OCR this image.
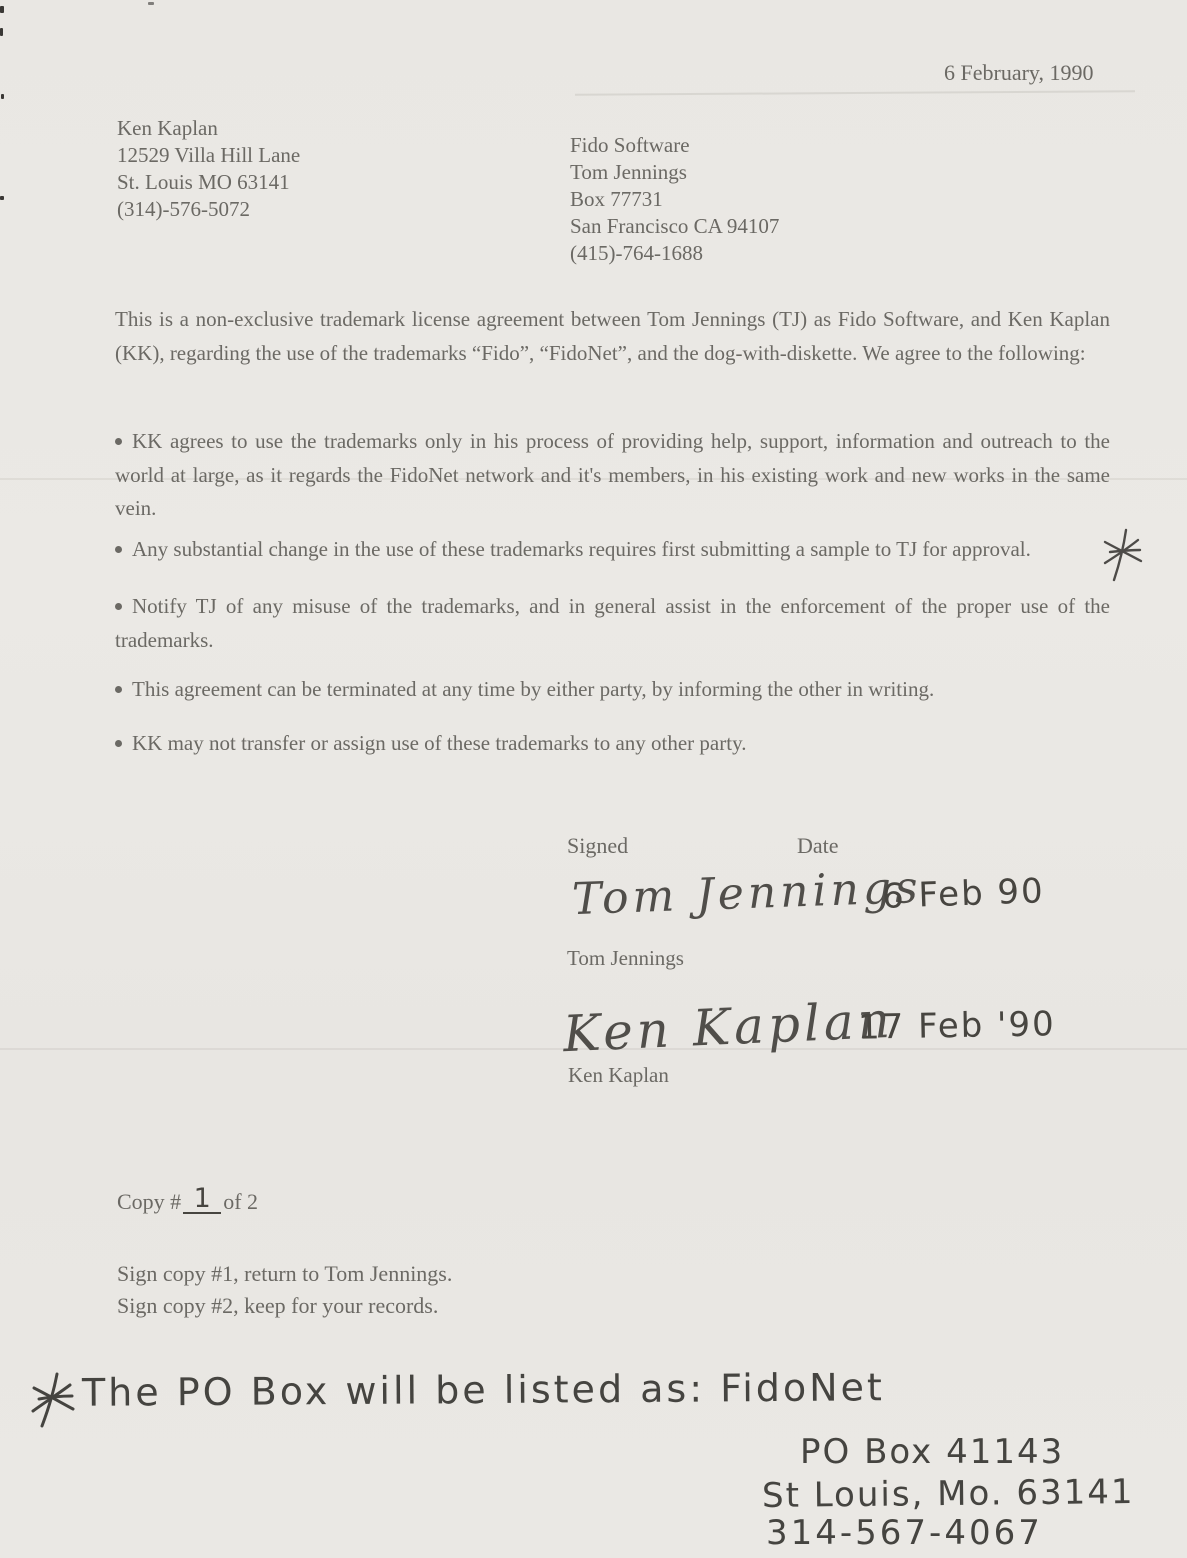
6 February, 1990
Ken Kaplan
12529 Villa Hill Lane
St. Louis MO 63141
(314)-576-5072
Fido Software
Tom Jennings
Box 77731
San Francisco CA 94107
(415)-764-1688
This is a non-exclusive trademark license agreement between Tom Jennings (TJ) as Fido Software, and Ken Kaplan (KK), regarding the use of the trademarks “Fido”, “FidoNet”, and the dog-with-diskette. We agree to the following:
KK agrees to use the trademarks only in his process of providing help, support, information and outreach to the world at large, as it regards the FidoNet network and it's members, in his existing work and new works in the same vein.
Any substantial change in the use of these trademarks requires first submitting a sample to TJ for approval.
Notify TJ of any misuse of the trademarks, and in general assist in the enforcement of the proper use of the trademarks.
This agreement can be terminated at any time by either party, by informing the other in writing.
KK may not transfer or assign use of these trademarks to any other party.
Signed	Date
Tom Jennings
6 Feb 90
Tom Jennings
Ken Kaplan
17 Feb '90
Ken Kaplan
Copy # 1 of 2
Sign copy #1, return to Tom Jennings.
Sign copy #2, keep for your records.
The PO Box will be listed as: FidoNet
PO Box 41143
St Louis, Mo. 63141
314-567-4067
